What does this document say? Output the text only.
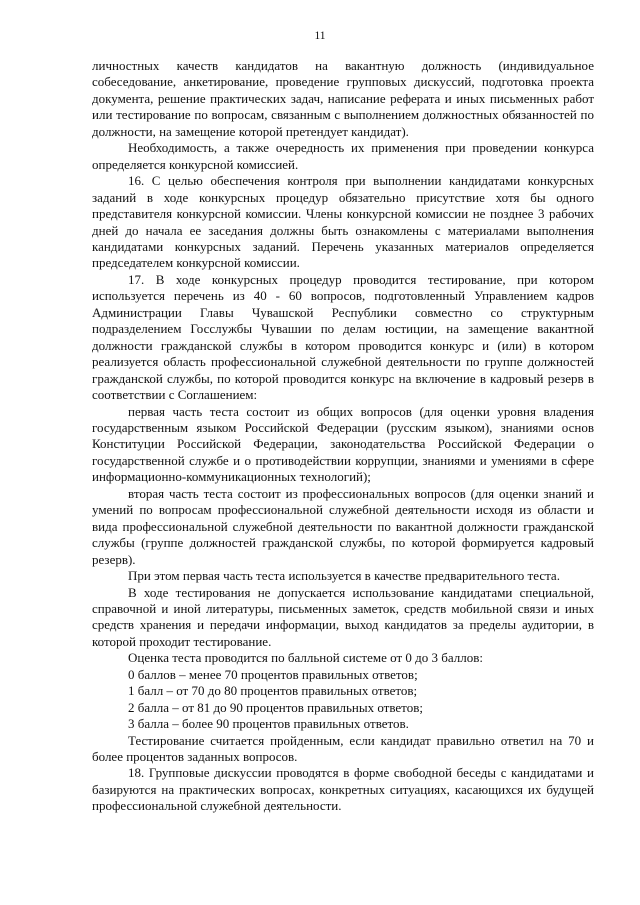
11

личностных качеств кандидатов на вакантную должность (индивидуальное собеседование, анкетирование, проведение групповых дискуссий, подготовка проекта документа, решение практических задач, написание реферата и иных письменных работ или тестирование по вопросам, связанным с выполнением должностных обязанностей по должности, на замещение которой претендует кандидат).

Необходимость, а также очередность их применения при проведении конкурса определяется конкурсной комиссией.

16. С целью обеспечения контроля при выполнении кандидатами конкурсных заданий в ходе конкурсных процедур обязательно присутствие хотя бы одного представителя конкурсной комиссии. Члены конкурсной комиссии не позднее 3 рабочих дней до начала ее заседания должны быть ознакомлены с материалами выполнения кандидатами конкурсных заданий. Перечень указанных материалов определяется председателем конкурсной комиссии.

17. В ходе конкурсных процедур проводится тестирование, при котором используется перечень из 40 - 60 вопросов, подготовленный Управлением кадров Администрации Главы Чувашской Республики совместно со структурным подразделением Госслужбы Чувашии по делам юстиции, на замещение вакантной должности гражданской службы в котором проводится конкурс и (или) в котором реализуется область профессиональной служебной деятельности по группе должностей гражданской службы, по которой проводится конкурс на включение в кадровый резерв в соответствии с Соглашением:

первая часть теста состоит из общих вопросов (для оценки уровня владения государственным языком Российской Федерации (русским языком), знаниями основ Конституции Российской Федерации, законодательства Российской Федерации о государственной службе и о противодействии коррупции, знаниями и умениями в сфере информационно-коммуникационных технологий);

вторая часть теста состоит из профессиональных вопросов (для оценки знаний и умений по вопросам профессиональной служебной деятельности исходя из области и вида профессиональной служебной деятельности по вакантной должности гражданской службы (группе должностей гражданской службы, по которой формируется кадровый резерв).

При этом первая часть теста используется в качестве предварительного теста.

В ходе тестирования не допускается использование кандидатами специальной, справочной и иной литературы, письменных заметок, средств мобильной связи и иных средств хранения и передачи информации, выход кандидатов за пределы аудитории, в которой проходит тестирование.

Оценка теста проводится по балльной системе от 0 до 3 баллов:

0 баллов – менее 70 процентов правильных ответов;

1 балл – от 70 до 80 процентов правильных ответов;

2 балла – от 81 до 90 процентов правильных ответов;

3 балла – более 90 процентов правильных ответов.

Тестирование считается пройденным, если кандидат правильно ответил на 70 и более процентов заданных вопросов.

18. Групповые дискуссии проводятся в форме свободной беседы с кандидатами и базируются на практических вопросах, конкретных ситуациях, касающихся их будущей профессиональной служебной деятельности.
